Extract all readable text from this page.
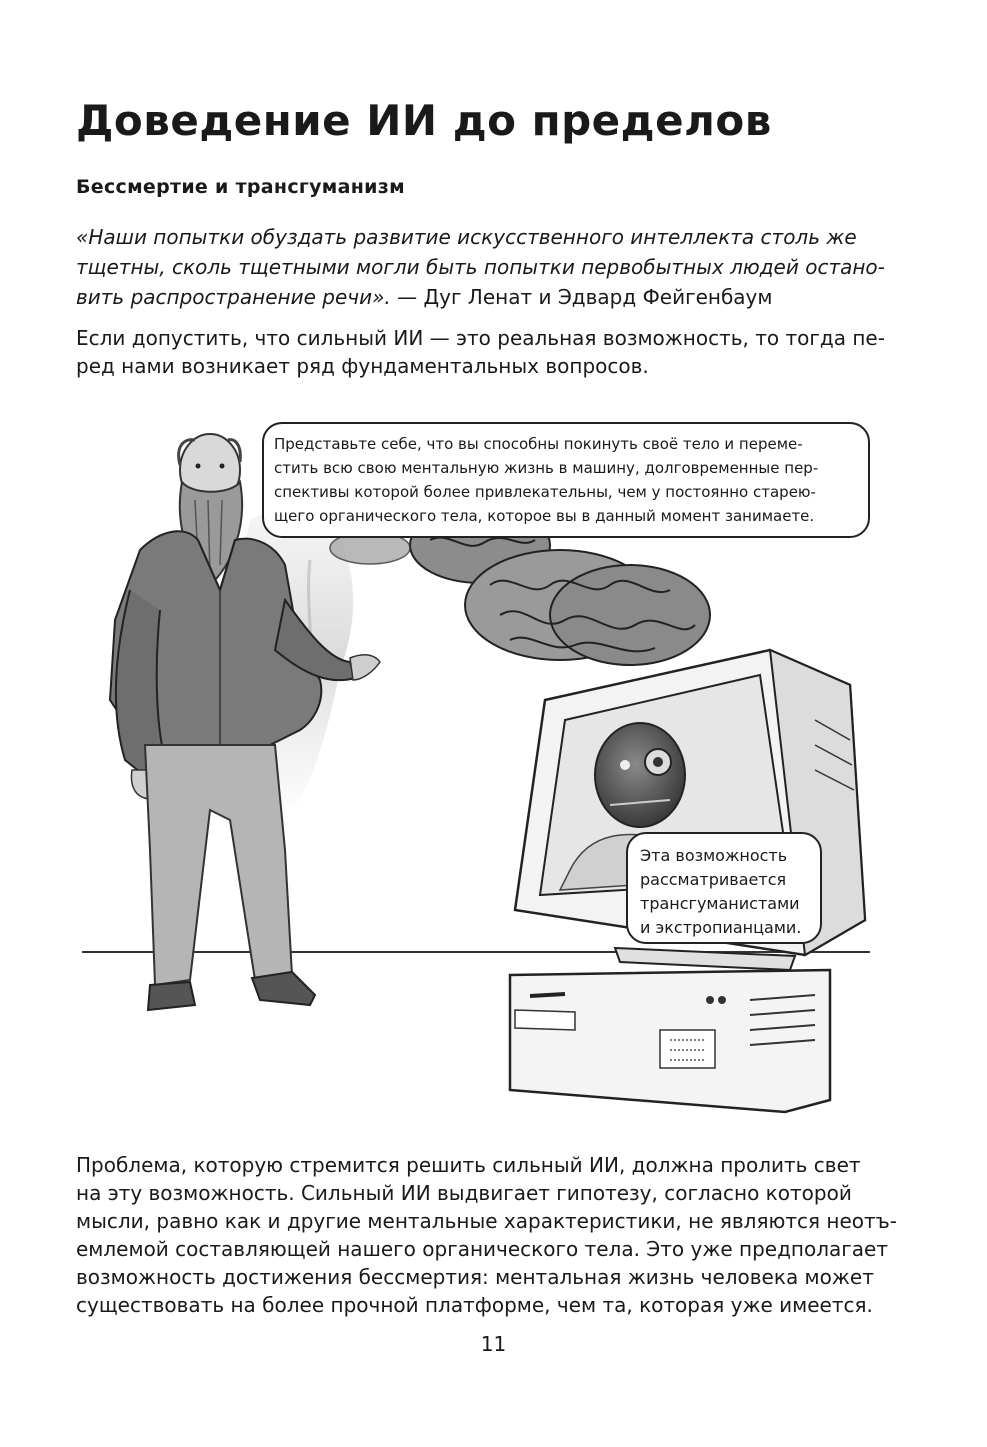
Доведение ИИ до пределов
Бессмертие и трансгуманизм
«Наши попытки обуздать развитие искусственного интеллекта столь же
тщетны, сколь тщетными могли быть попытки первобытных людей остано-
вить распространение речи». — Дуг Ленат и Эдвард Фейгенбаум
Если допустить, что сильный ИИ — это реальная возможность, то тогда пе-
ред нами возникает ряд фундаментальных вопросов.
Представьте себе, что вы способны покинуть своё тело и переме-
стить всю свою ментальную жизнь в машину, долговременные пер-
спективы которой более привлекательны, чем у постоянно старею-
щего органического тела, которое вы в данный момент занимаете.
Эта возможность
рассматривается
трансгуманистами
и экстропианцами.
Проблема, которую стремится решить сильный ИИ, должна пролить свет
на эту возможность. Сильный ИИ выдвигает гипотезу, согласно которой
мысли, равно как и другие ментальные характеристики, не являются неотъ-
емлемой составляющей нашего органического тела. Это уже предполагает
возможность достижения бессмертия: ментальная жизнь человека может
существовать на более прочной платформе, чем та, которая уже имеется.
11
